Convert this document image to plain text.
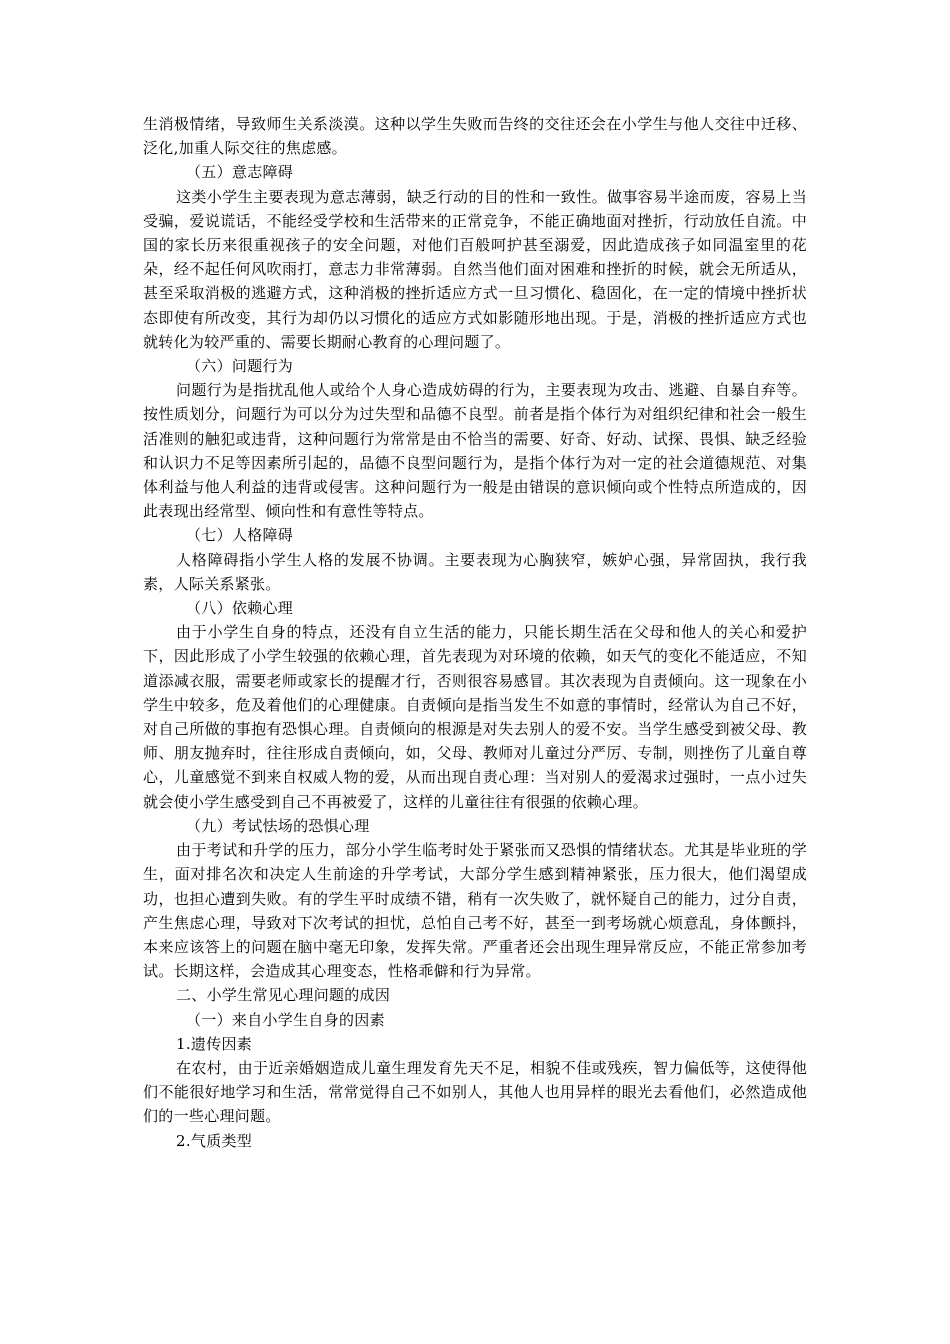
生消极情绪，导致师生关系淡漠。这种以学生失败而告终的交往还会在小学生与他人交往中迁移、泛化,加重人际交往的焦虑感。

（五）意志障碍

这类小学生主要表现为意志薄弱，缺乏行动的目的性和一致性。做事容易半途而废，容易上当受骗，爱说谎话，不能经受学校和生活带来的正常竞争，不能正确地面对挫折，行动放任自流。中国的家长历来很重视孩子的安全问题，对他们百般呵护甚至溺爱，因此造成孩子如同温室里的花朵，经不起任何风吹雨打，意志力非常薄弱。自然当他们面对困难和挫折的时候，就会无所适从，甚至采取消极的逃避方式，这种消极的挫折适应方式一旦习惯化、稳固化，在一定的情境中挫折状态即使有所改变，其行为却仍以习惯化的适应方式如影随形地出现。于是，消极的挫折适应方式也就转化为较严重的、需要长期耐心教育的心理问题了。

（六）问题行为

问题行为是指扰乱他人或给个人身心造成妨碍的行为，主要表现为攻击、逃避、自暴自弃等。按性质划分，问题行为可以分为过失型和品德不良型。前者是指个体行为对组织纪律和社会一般生活准则的触犯或违背，这种问题行为常常是由不恰当的需要、好奇、好动、试探、畏惧、缺乏经验和认识力不足等因素所引起的，品德不良型问题行为，是指个体行为对一定的社会道德规范、对集体利益与他人利益的违背或侵害。这种问题行为一般是由错误的意识倾向或个性特点所造成的，因此表现出经常型、倾向性和有意性等特点。

（七）人格障碍

人格障碍指小学生人格的发展不协调。主要表现为心胸狭窄，嫉妒心强，异常固执，我行我素，人际关系紧张。

（八）依赖心理

由于小学生自身的特点，还没有自立生活的能力，只能长期生活在父母和他人的关心和爱护下，因此形成了小学生较强的依赖心理，首先表现为对环境的依赖，如天气的变化不能适应，不知道添减衣服，需要老师或家长的提醒才行，否则很容易感冒。其次表现为自责倾向。这一现象在小学生中较多，危及着他们的心理健康。自责倾向是指当发生不如意的事情时，经常认为自己不好，对自己所做的事抱有恐惧心理。自责倾向的根源是对失去别人的爱不安。当学生感受到被父母、教师、朋友抛弃时，往往形成自责倾向，如，父母、教师对儿童过分严厉、专制，则挫伤了儿童自尊心，儿童感觉不到来自权威人物的爱，从而出现自责心理：当对别人的爱渴求过强时，一点小过失就会使小学生感受到自己不再被爱了，这样的儿童往往有很强的依赖心理。

（九）考试怯场的恐惧心理

由于考试和升学的压力，部分小学生临考时处于紧张而又恐惧的情绪状态。尤其是毕业班的学生，面对排名次和决定人生前途的升学考试，大部分学生感到精神紧张，压力很大，他们渴望成功，也担心遭到失败。有的学生平时成绩不错，稍有一次失败了，就怀疑自己的能力，过分自责，产生焦虑心理，导致对下次考试的担忧，总怕自己考不好，甚至一到考场就心烦意乱，身体颤抖，本来应该答上的问题在脑中毫无印象，发挥失常。严重者还会出现生理异常反应，不能正常参加考试。长期这样，会造成其心理变态，性格乖僻和行为异常。

二、小学生常见心理问题的成因

（一）来自小学生自身的因素

1.遗传因素

在农村，由于近亲婚姻造成儿童生理发育先天不足，相貌不佳或残疾，智力偏低等，这使得他们不能很好地学习和生活，常常觉得自己不如别人，其他人也用异样的眼光去看他们，必然造成他们的一些心理问题。

2.气质类型
